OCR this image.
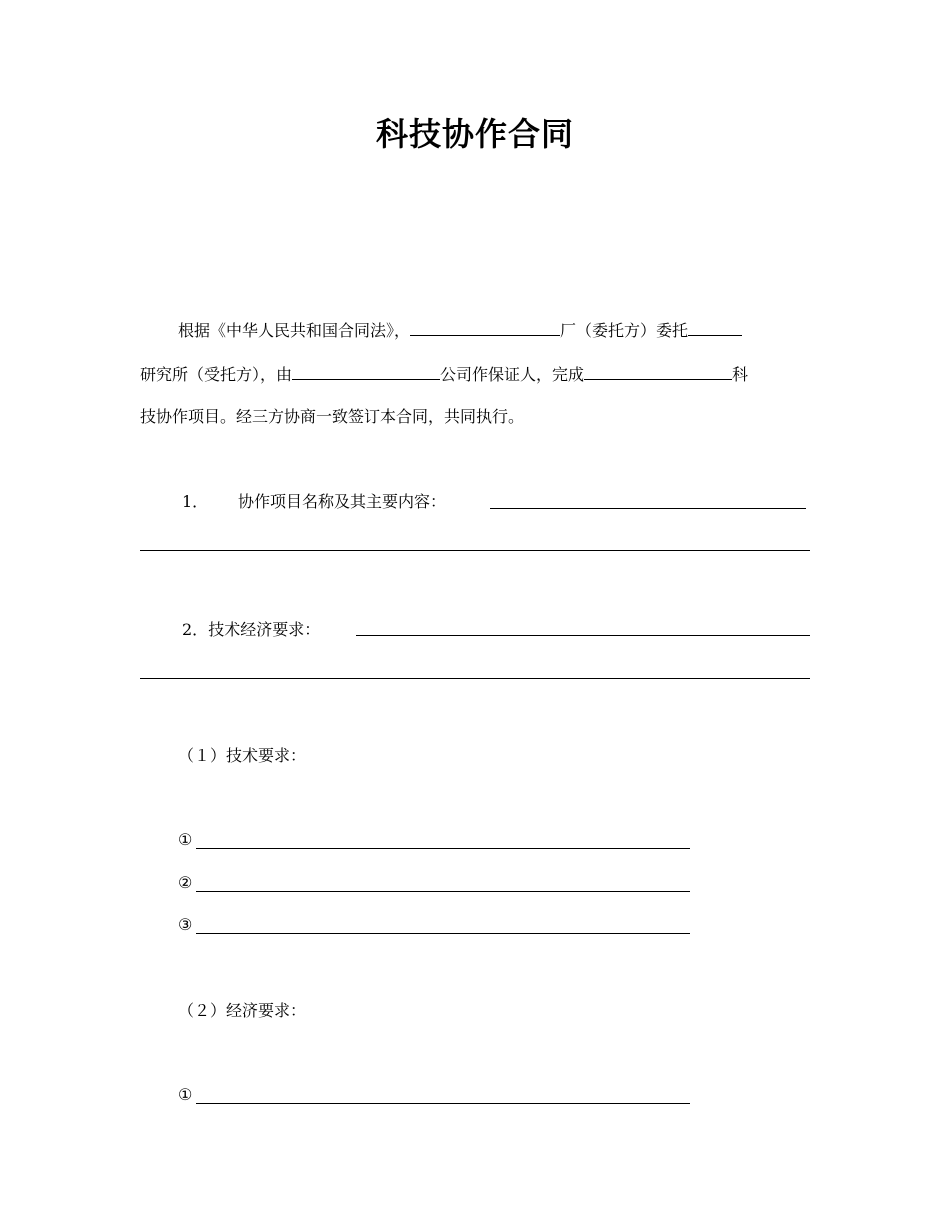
科技协作合同
根据《中华人民共和国合同法》，	厂（委托方）委托
研究所（受托方），由	公司作保证人，完成	科
技协作项目。经三方协商一致签订本合同，共同执行。
1． 协作项目名称及其主要内容：
2．技术经济要求：
（１）技术要求：
①
②
③
（２）经济要求：
①
